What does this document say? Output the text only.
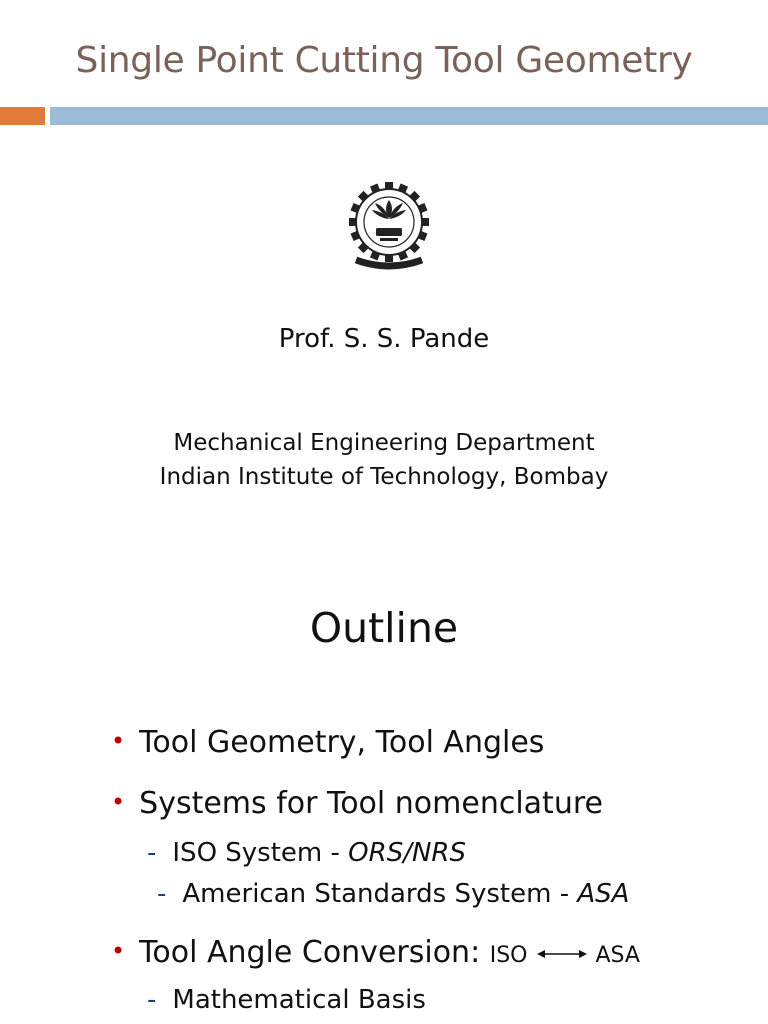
Single Point Cutting Tool Geometry
Prof. S. S. Pande
Mechanical Engineering Department
Indian Institute of Technology, Bombay
Outline
• Tool Geometry, Tool Angles
• Systems for Tool nomenclature
- ISO System - ORS/NRS
- American Standards System - ASA
• Tool Angle Conversion: ISO	ASA
- Mathematical Basis
